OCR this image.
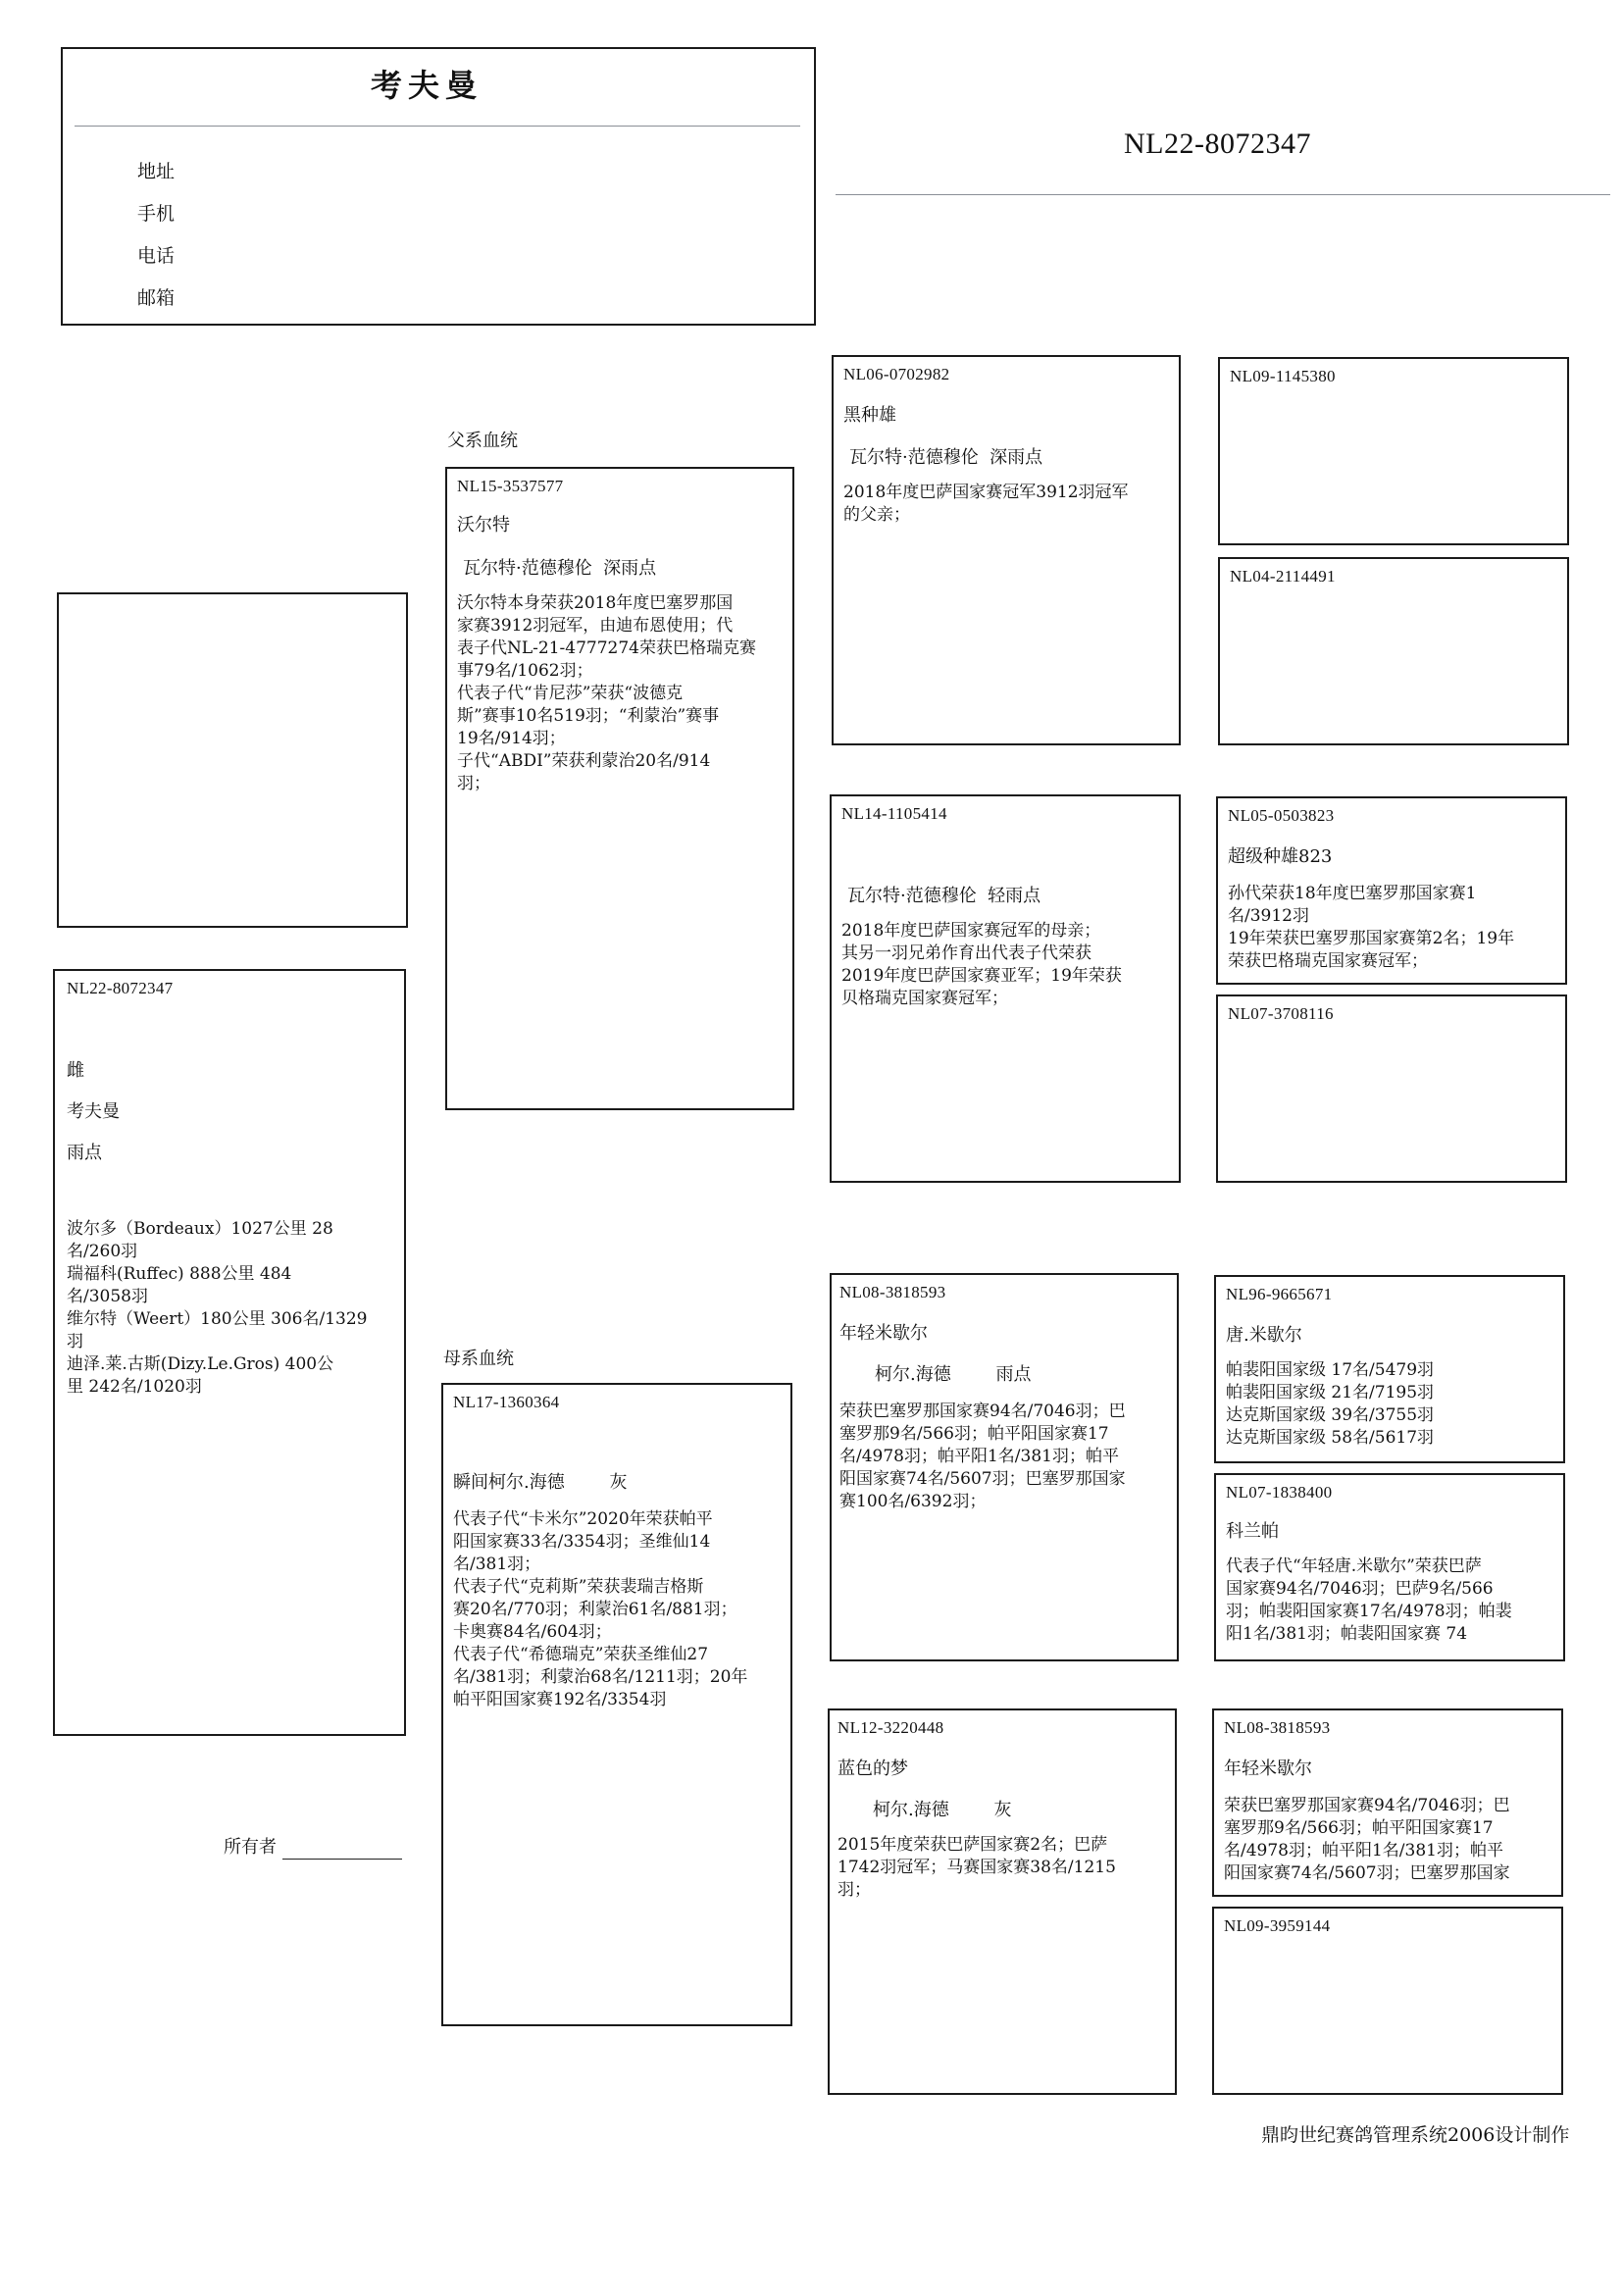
考夫曼
地址
手机
电话
邮箱
NL22-8072347
NL22-8072347
雌
考夫曼
雨点
波尔多（Bordeaux）1027公里 28
名/260羽
瑞福科(Ruffec) 888公里 484
名/3058羽
维尔特（Weert）180公里 306名/1329
羽
迪泽.莱.古斯(Dizy.Le.Gros) 400公
里 242名/1020羽
所有者
父系血统
母系血统
NL15-3537577
沃尔特
瓦尔特·范德穆伦  深雨点
沃尔特本身荣获2018年度巴塞罗那国
家赛3912羽冠军，由迪布恩使用；代
表子代NL-21-4777274荣获巴格瑞克赛
事79名/1062羽；
代表子代“肯尼莎”荣获“波德克
斯”赛事10名519羽；“利蒙治”赛事
19名/914羽；
子代“ABDI”荣获利蒙治20名/914
羽；
NL17-1360364
瞬间 柯尔.海德        灰
代表子代“卡米尔”2020年荣获帕平
阳国家赛33名/3354羽；圣维仙14
名/381羽；
代表子代“克莉斯”荣获裴瑞吉格斯
赛20名/770羽；利蒙治61名/881羽；
卡奥赛84名/604羽；
代表子代“希德瑞克”荣获圣维仙27
名/381羽；利蒙治68名/1211羽；20年
帕平阳国家赛192名/3354羽
NL06-0702982
黑种雄
瓦尔特·范德穆伦  深雨点
2018年度巴萨国家赛冠军3912羽冠军
的父亲；
NL14-1105414
瓦尔特·范德穆伦  轻雨点
2018年度巴萨国家赛冠军的母亲；
其另一羽兄弟作育出代表子代荣获
2019年度巴萨国家赛亚军；19年荣获
贝格瑞克国家赛冠军；
NL08-3818593
年轻米歇尔
柯尔.海德        雨点
荣获巴塞罗那国家赛94名/7046羽；巴
塞罗那9名/566羽；帕平阳国家赛17
名/4978羽；帕平阳1名/381羽；帕平
阳国家赛74名/5607羽；巴塞罗那国家
赛100名/6392羽；
NL12-3220448
蓝色的梦
柯尔.海德        灰
2015年度荣获巴萨国家赛2名；巴萨
1742羽冠军；马赛国家赛38名/1215
羽；
NL09-1145380
NL04-2114491
NL05-0503823
超级种雄823
孙代荣获18年度巴塞罗那国家赛1
名/3912羽
19年荣获巴塞罗那国家赛第2名；19年
荣获巴格瑞克国家赛冠军；
NL07-3708116
NL96-9665671
唐.米歇尔
帕裴阳国家级 17名/5479羽
帕裴阳国家级 21名/7195羽
达克斯国家级 39名/3755羽
达克斯国家级 58名/5617羽
NL07-1838400
科兰帕
代表子代“年轻唐.米歇尔”荣获巴萨
国家赛94名/7046羽；巴萨9名/566
羽；帕裴阳国家赛17名/4978羽；帕裴
阳1名/381羽；帕裴阳国家赛 74
NL08-3818593
年轻米歇尔
荣获巴塞罗那国家赛94名/7046羽；巴
塞罗那9名/566羽；帕平阳国家赛17
名/4978羽；帕平阳1名/381羽；帕平
阳国家赛74名/5607羽；巴塞罗那国家
NL09-3959144
鼎昀世纪赛鸽管理系统2006设计制作
